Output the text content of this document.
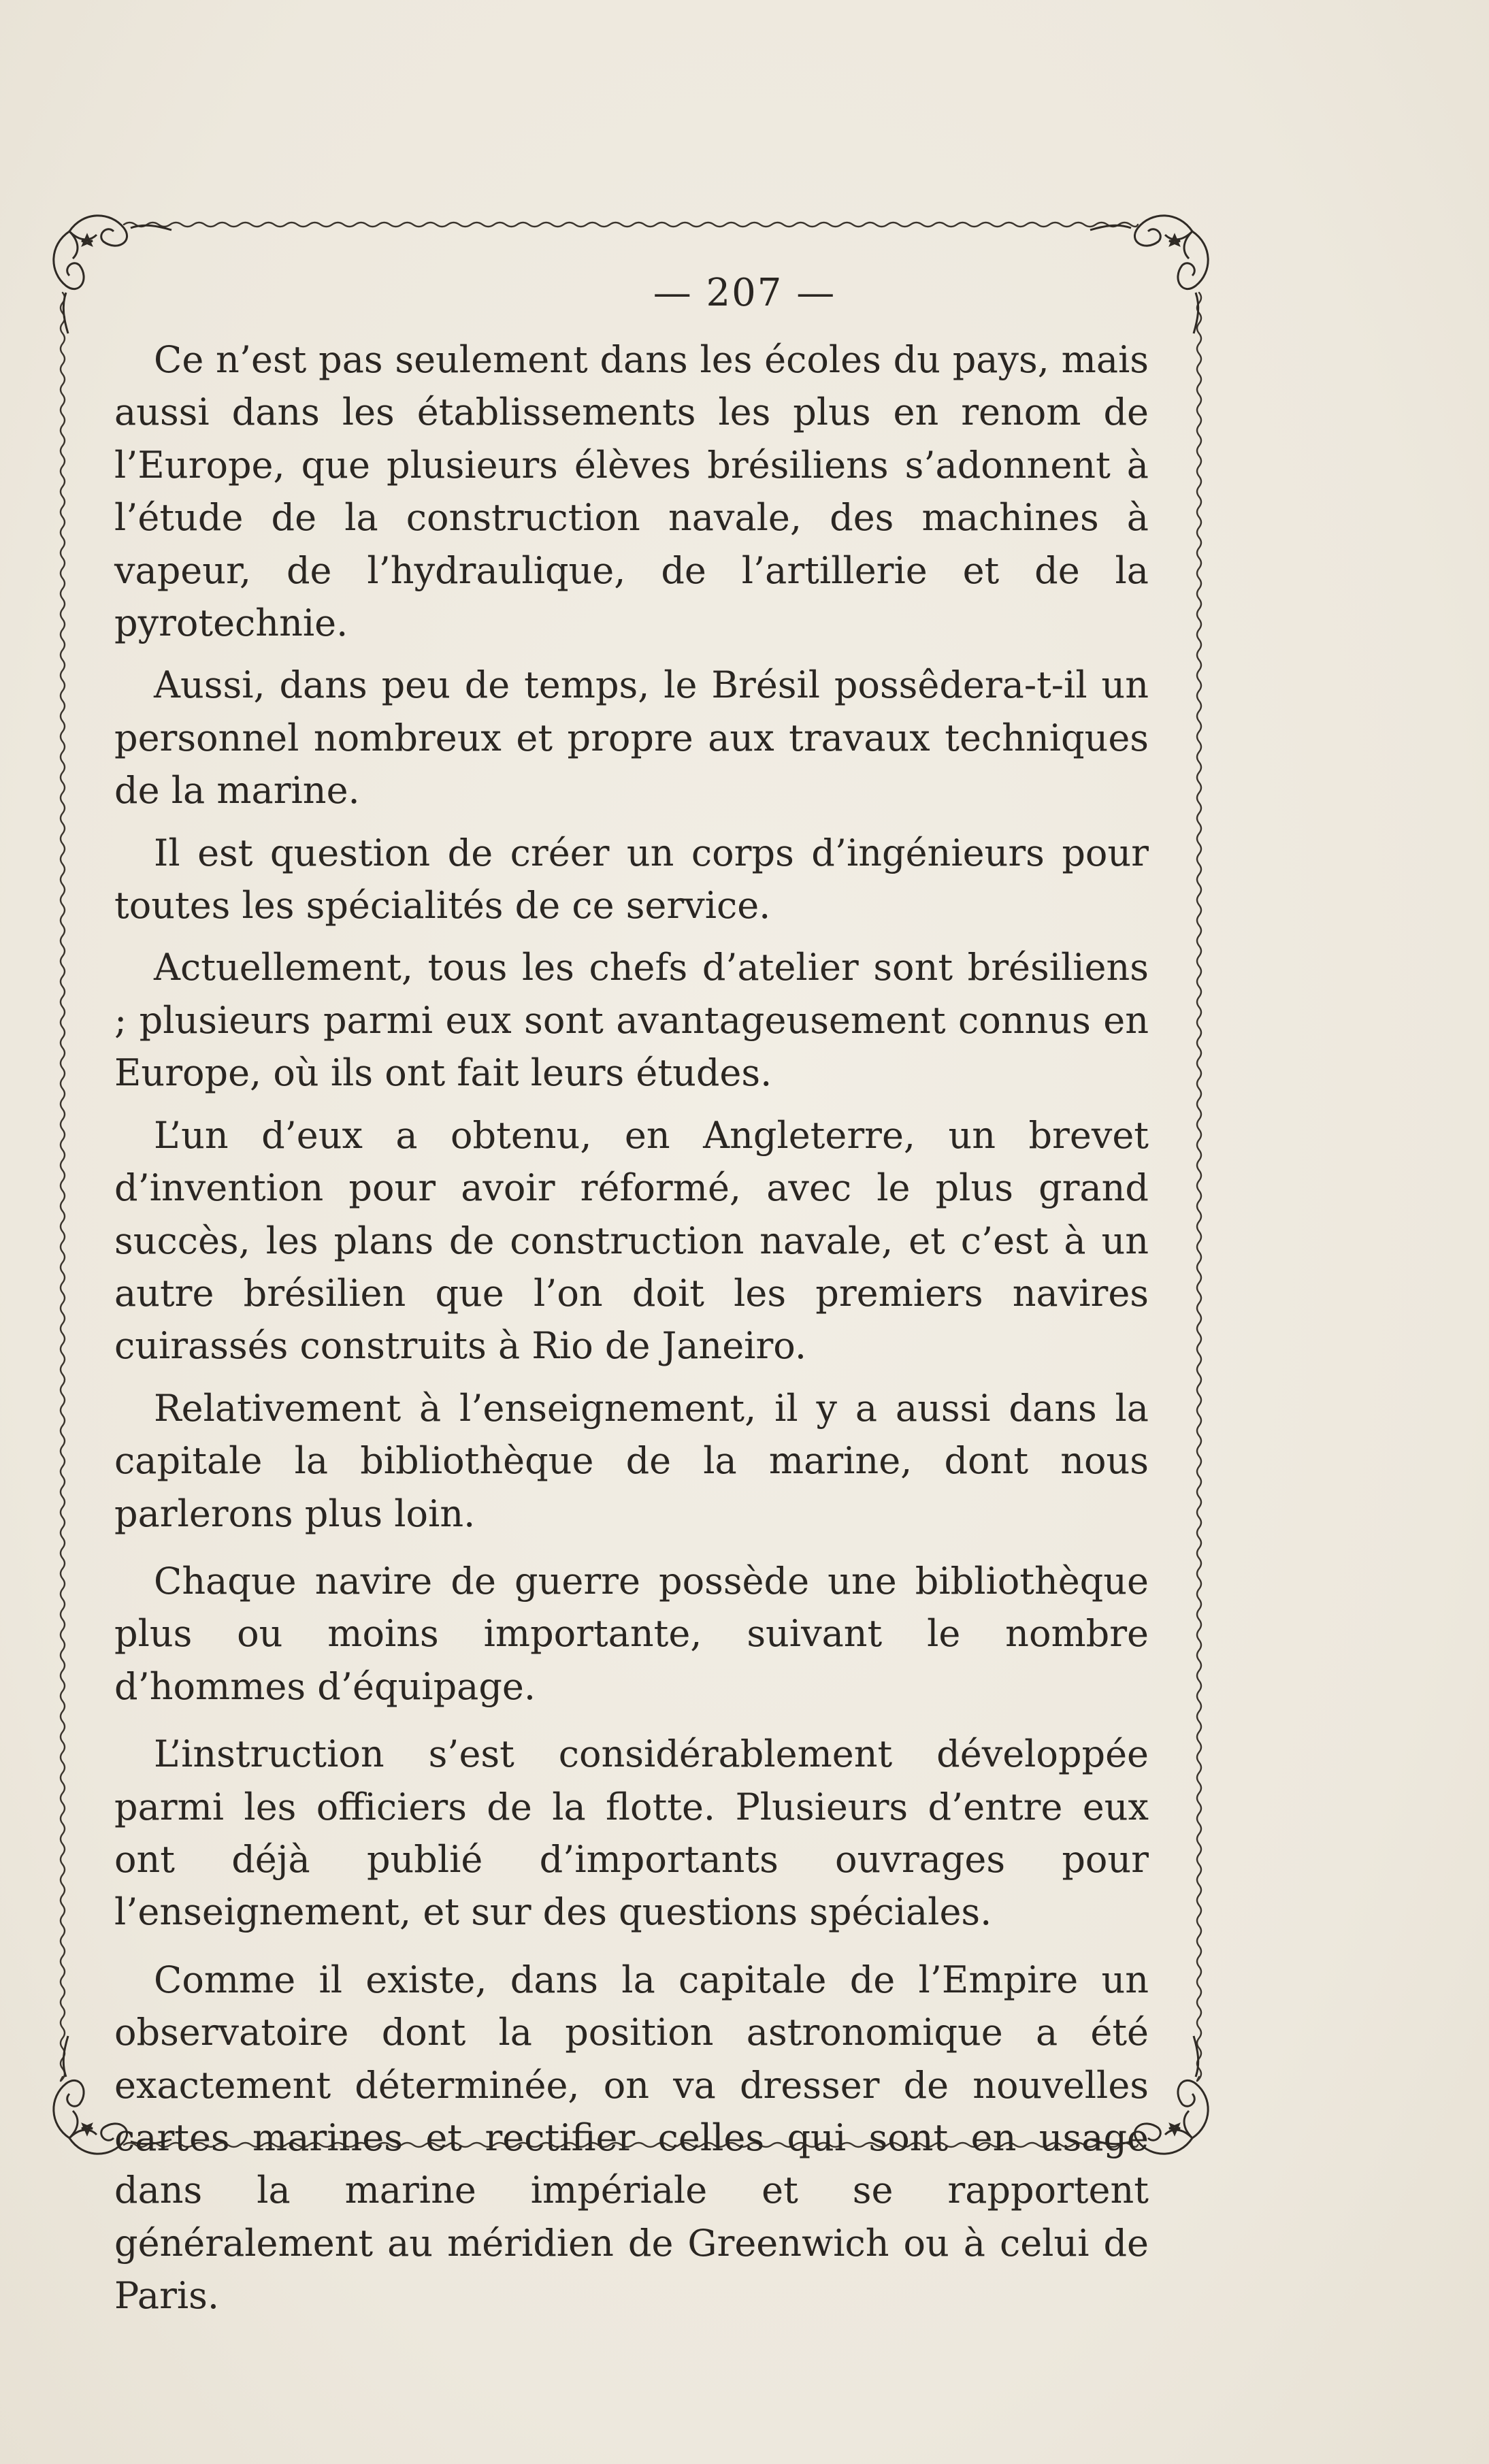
— 207 —

Ce n’est pas seulement dans les écoles du pays, mais aussi dans les établissements les plus en renom de l’Europe, que plusieurs élèves brésiliens s’adonnent à l’étude de la construction navale, des machines à vapeur, de l’hydraulique, de l’artillerie et de la pyrotechnie.

Aussi, dans peu de temps, le Brésil possêdera-t-il un personnel nombreux et propre aux travaux techniques de la marine.

Il est question de créer un corps d’ingénieurs pour toutes les spécialités de ce service.

Actuellement, tous les chefs d’atelier sont brésiliens ; plusieurs parmi eux sont avantageusement connus en Europe, où ils ont fait leurs études.

L’un d’eux a obtenu, en Angleterre, un brevet d’invention pour avoir réformé, avec le plus grand succès, les plans de construction navale, et c’est à un autre brésilien que l’on doit les premiers navires cuirassés construits à Rio de Janeiro.

Relativement à l’enseignement, il y a aussi dans la capitale la bibliothèque de la marine, dont nous parlerons plus loin.

Chaque navire de guerre possède une bibliothèque plus ou moins importante, suivant le nombre d’hommes d’équipage.

L’instruction s’est considérablement développée parmi les officiers de la flotte. Plusieurs d’entre eux ont déjà publié d’importants ouvrages pour l’enseignement, et sur des questions spéciales.

Comme il existe, dans la capitale de l’Empire un observatoire dont la position astronomique a été exactement déterminée, on va dresser de nouvelles cartes marines et rectifier celles qui sont en usage dans la marine impériale et se rapportent généralement au méridien de Greenwich ou à celui de Paris.
